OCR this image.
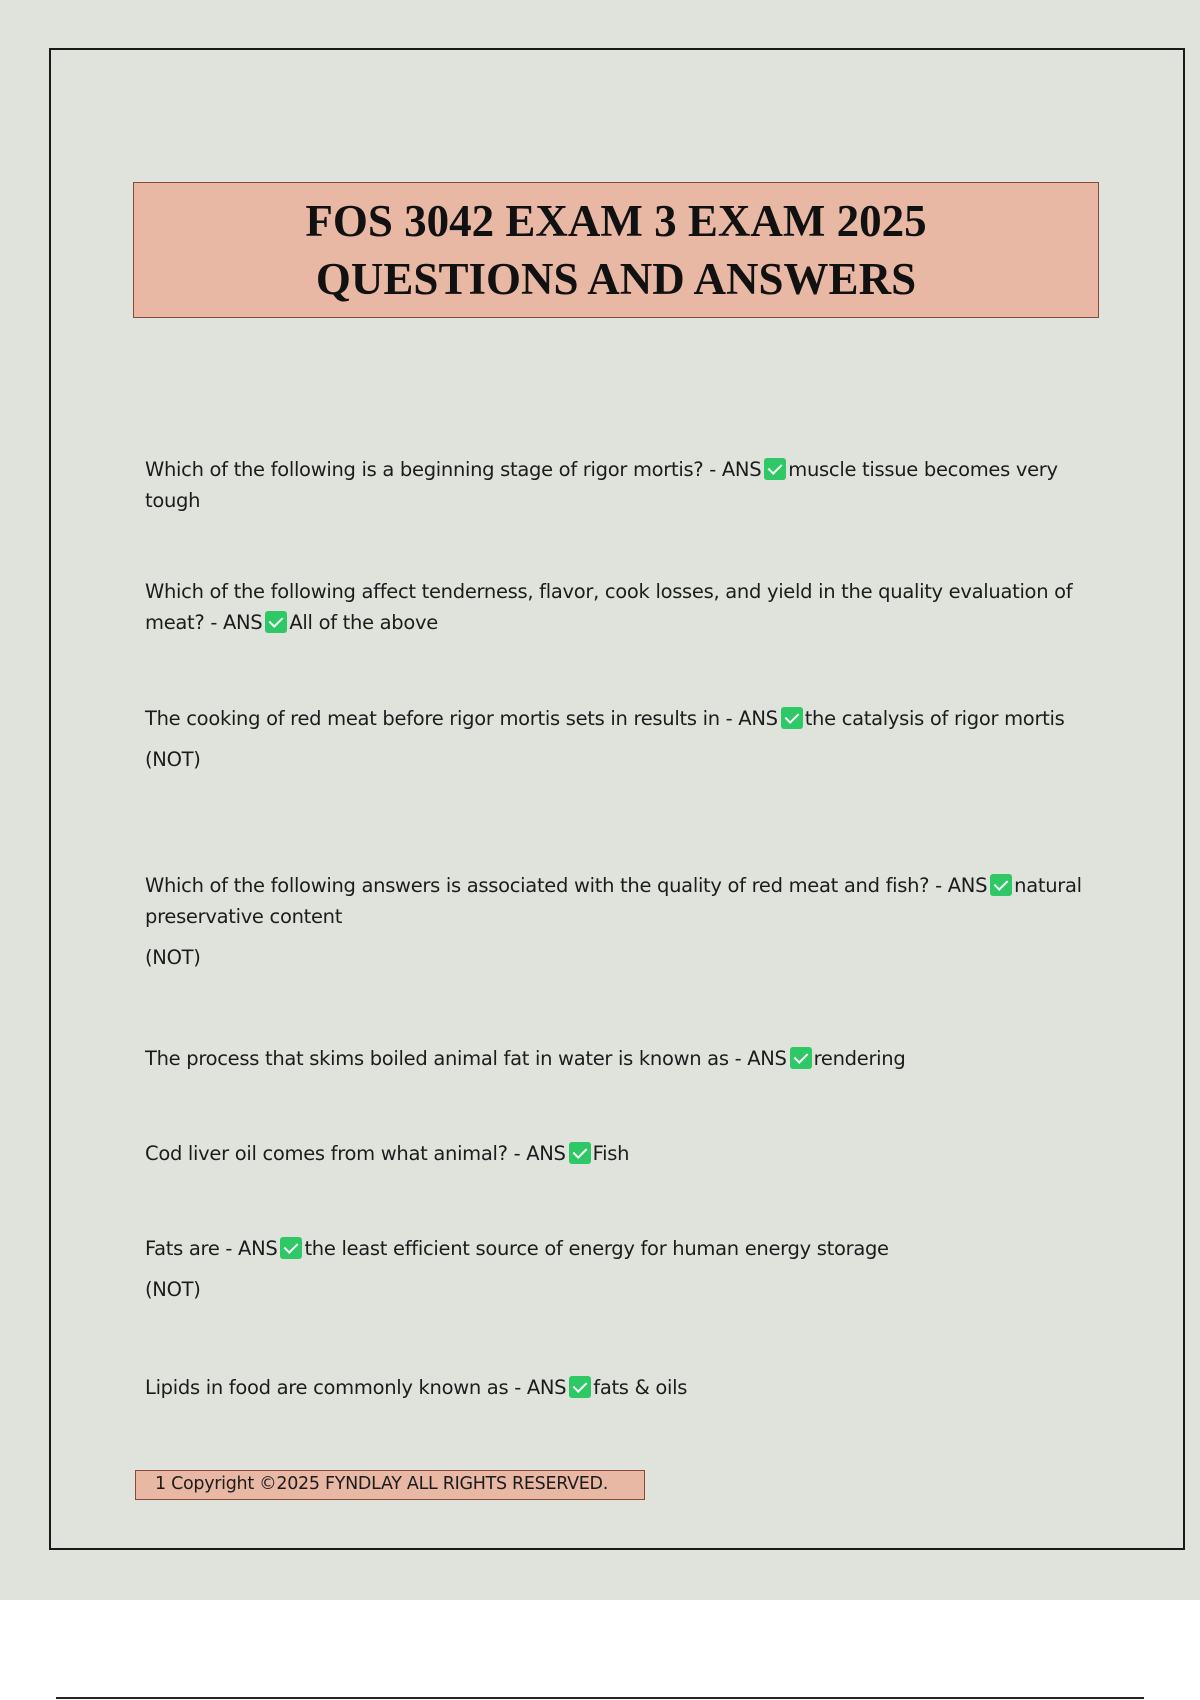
FOS 3042 EXAM 3 EXAM 2025
QUESTIONS AND ANSWERS
Which of the following is a beginning stage of rigor mortis? - ANS muscle tissue becomes very tough
Which of the following affect tenderness, flavor, cook losses, and yield in the quality evaluation of meat? - ANS All of the above
The cooking of red meat before rigor mortis sets in results in - ANS the catalysis of rigor mortis
(NOT)
Which of the following answers is associated with the quality of red meat and fish? - ANS natural preservative content
(NOT)
The process that skims boiled animal fat in water is known as - ANS rendering
Cod liver oil comes from what animal? - ANS Fish
Fats are - ANS the least efficient source of energy for human energy storage
(NOT)
Lipids in food are commonly known as - ANS fats & oils
1 Copyright ©2025 FYNDLAY ALL RIGHTS RESERVED.
